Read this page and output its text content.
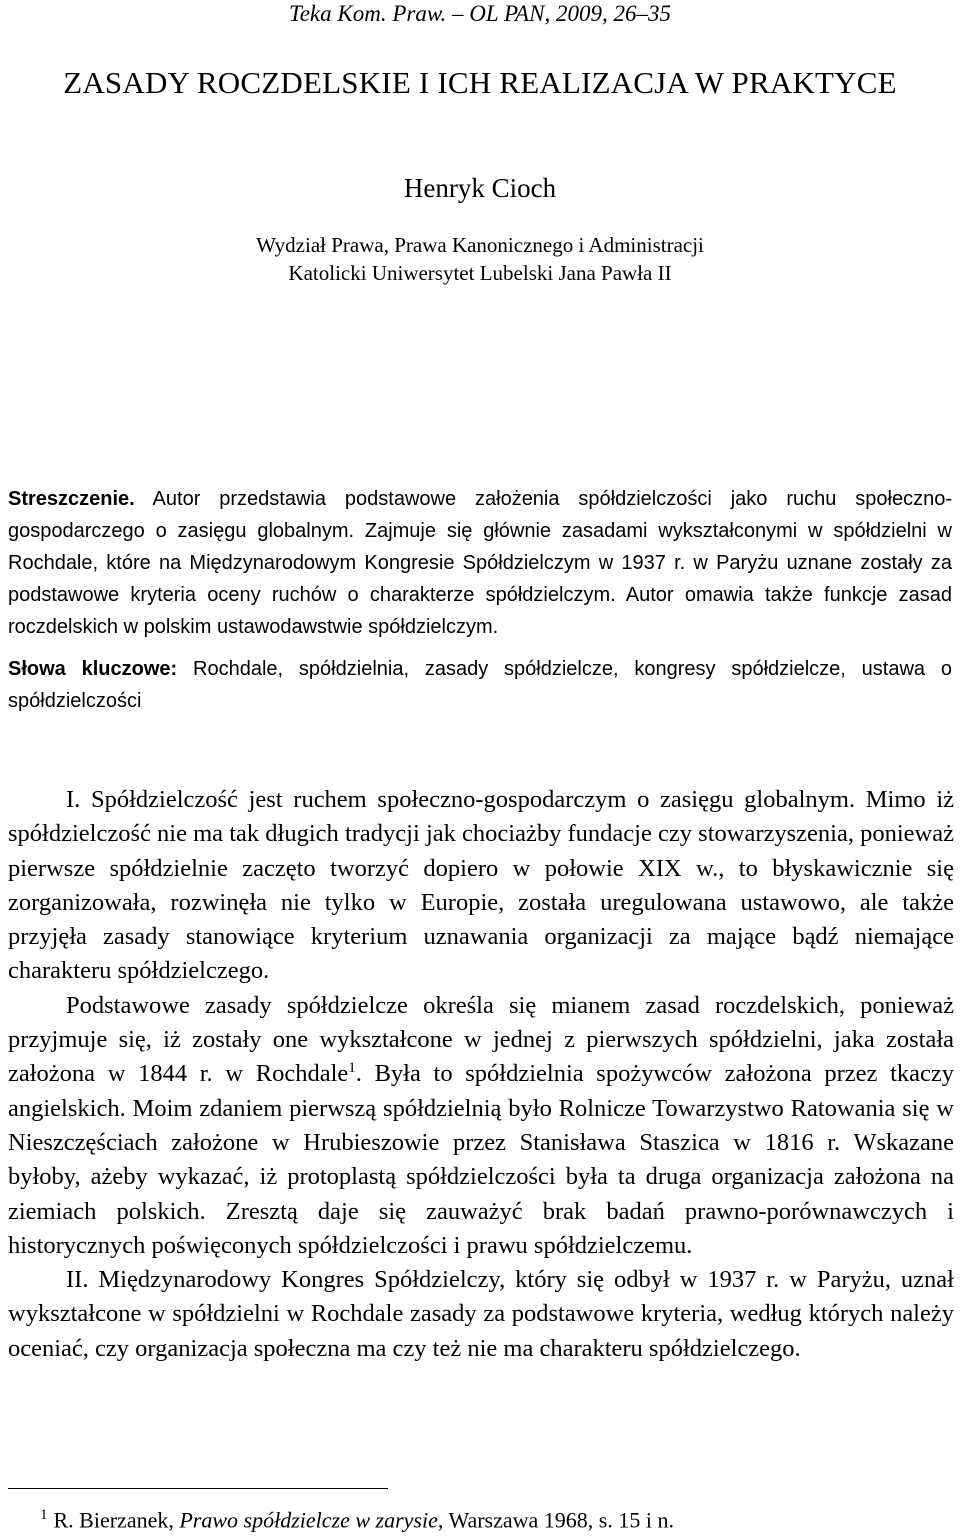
Teka Kom. Praw. – OL PAN, 2009, 26–35
ZASADY ROCZDELSKIE I ICH REALIZACJA W PRAKTYCE
Henryk Cioch
Wydział Prawa, Prawa Kanonicznego i Administracji
Katolicki Uniwersytet Lubelski Jana Pawła II

Streszczenie. Autor przedstawia podstawowe założenia spółdzielczości jako ruchu społeczno-gospodarczego o zasięgu globalnym. Zajmuje się głównie zasadami wykształconymi w spółdzielni w Rochdale, które na Międzynarodowym Kongresie Spółdzielczym w 1937 r. w Paryżu uznane zostały za podstawowe kryteria oceny ruchów o charakterze spółdzielczym. Autor omawia także funkcje zasad roczdelskich w polskim ustawodawstwie spółdzielczym.

Słowa kluczowe: Rochdale, spółdzielnia, zasady spółdzielcze, kongresy spółdzielcze, ustawa o spółdzielczości

I. Spółdzielczość jest ruchem społeczno-gospodarczym o zasięgu globalnym. Mimo iż spółdzielczość nie ma tak długich tradycji jak chociażby fundacje czy stowarzyszenia, ponieważ pierwsze spółdzielnie zaczęto tworzyć dopiero w połowie XIX w., to błyskawicznie się zorganizowała, rozwinęła nie tylko w Europie, została uregulowana ustawowo, ale także przyjęła zasady stanowiące kryterium uznawania organizacji za mające bądź niemające charakteru spółdzielczego.

Podstawowe zasady spółdzielcze określa się mianem zasad roczdelskich, ponieważ przyjmuje się, iż zostały one wykształcone w jednej z pierwszych spółdzielni, jaka została założona w 1844 r. w Rochdale$^1$. Była to spółdzielnia spożywców założona przez tkaczy angielskich. Moim zdaniem pierwszą spółdzielnią było Rolnicze Towarzystwo Ratowania się w Nieszczęściach założone w Hrubieszowie przez Stanisława Staszica w 1816 r. Wskazane byłoby, ażeby wykazać, iż protoplastą spółdzielczości była ta druga organizacja założona na ziemiach polskich. Zresztą daje się zauważyć brak badań prawno-porównawczych i historycznych poświęconych spółdzielczości i prawu spółdzielczemu.

II. Międzynarodowy Kongres Spółdzielczy, który się odbył w 1937 r. w Paryżu, uznał wykształcone w spółdzielni w Rochdale zasady za podstawowe kryteria, według których należy oceniać, czy organizacja społeczna ma czy też nie ma charakteru spółdzielczego.

$^1$ R. Bierzanek, Prawo spółdzielcze w zarysie, Warszawa 1968, s. 15 i n.
